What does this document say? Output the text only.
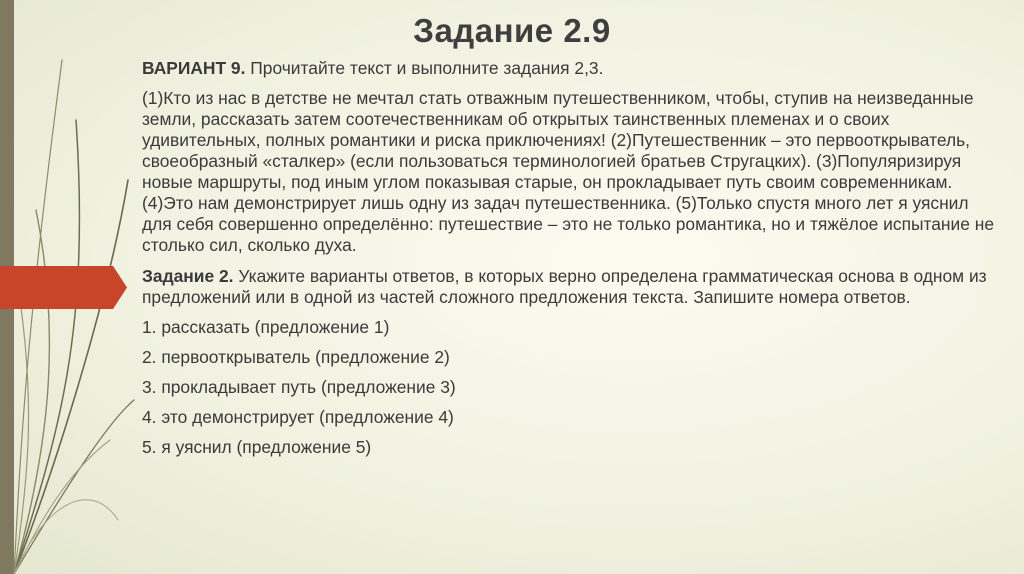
Задание 2.9

ВАРИАНТ 9. Прочитайте текст и выполните задания 2,3.

(1)Кто из нас в детстве не мечтал стать отважным путешественником, чтобы, ступив на неизведанные земли, рассказать затем соотечественникам об открытых таинственных племенах и о своих удивительных, полных романтики и риска приключениях! (2)Путешественник – это первооткрыватель, своеобразный «сталкер» (если пользоваться терминологией братьев Стругацких). (3)Популяризируя новые маршруты, под иным углом показывая старые, он прокладывает путь своим современникам. (4)Это нам демонстрирует лишь одну из задач путешественника. (5)Только спустя много лет я уяснил для себя совершенно определённо: путешествие – это не только романтика, но и тяжёлое испытание не столько сил, сколько духа.

Задание 2. Укажите варианты ответов, в которых верно определена грамматическая основа в одном из предложений или в одной из частей сложного предложения текста. Запишите номера ответов.

1. рассказать (предложение 1)

2. первооткрыватель (предложение 2)

3. прокладывает путь (предложение 3)

4. это демонстрирует (предложение 4)

5. я уяснил (предложение 5)
